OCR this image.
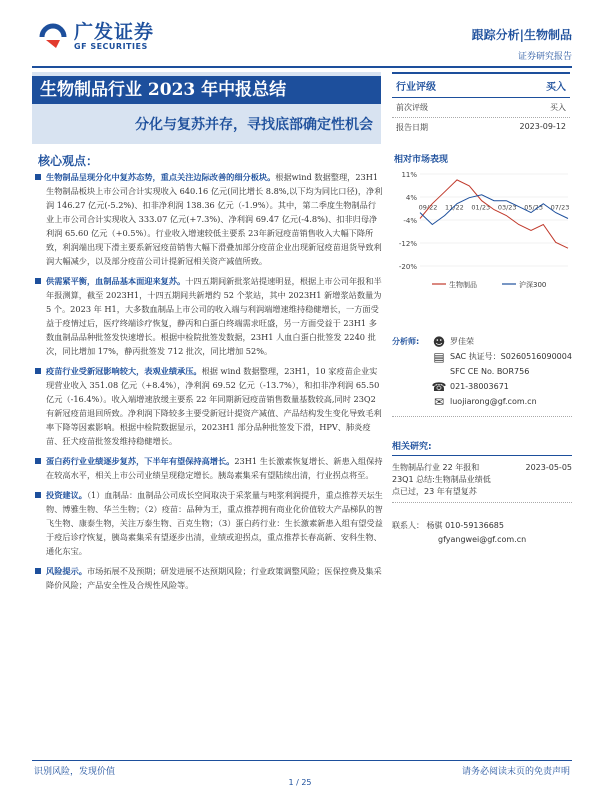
广发证券
GF SECURITIES
跟踪分析|生物制品
证券研究报告
生物制品行业 2023 年中报总结
分化与复苏并存，寻找底部确定性机会
行业评级	买入
前次评级	买入
报告日期	2023-09-12
相对市场表现
11%
4%
-4%
-12%
-20%
09/22 11/22 01/23 03/23 05/23 07/23
生物制品	沪深300
分析师:	☻ 罗佳荣
▤ SAC 执证号：S0260516090004
SFC CE No. BOR756
☎ 021-38003671
✉ luojiarong@gf.com.cn
相关研究:
生物制品行业 22 年报和	2023-05-05
23Q1 总结:生物制品业绩低
点已过，23 年有望复苏
联系人： 杨骐 010-59136685
gfyangwei@gf.com.cn
核心观点：
生物制品呈现分化中复苏态势，重点关注边际改善的细分板块。根据wind 数据整理，23H1 生物制品板块上市公司合计实现收入 640.16 亿元(同比增长 8.8%,以下均为同比口径)，净利润 146.27 亿元(-5.2%)、扣非净利润 138.36 亿元（-1.9%）。其中，第二季度生物制品行业上市公司合计实现收入 333.07 亿元(+7.3%)、净利润 69.47 亿元(-4.8%)、扣非归母净利润 65.60 亿元（+0.5%）。行业收入增速较低主要系 23年新冠疫苗销售收入大幅下降所致，利润端出现下滑主要系新冠疫苗销售大幅下滑叠加部分疫苗企业出现新冠疫苗退货导致利润大幅减少，以及部分疫苗公司计提新冠相关资产减值所致。
供需紧平衡，血制品基本面迎来复苏。十四五期间新批浆站提速明显，根据上市公司年报和半年报测算，截至 2023H1，十四五期间共新增约 52 个浆站，其中 2023H1 新增浆站数量为 5 个。2023 年 H1，大多数血制品上市公司的收入端与利润端增速维持稳健增长，一方面受益于疫情过后，医疗终端诊疗恢复，静丙和白蛋白终端需求旺盛，另一方面受益于 23H1 多数血制品品种批签发快速增长。根据中检院批签发数据，23H1 人血白蛋白批签发 2240 批次，同比增加 17%，静丙批签发 712 批次，同比增加 52%。
疫苗行业受新冠影响较大，表观业绩承压。根据 wind 数据整理，23H1，10 家疫苗企业实现营业收入 351.08 亿元（+8.4%），净利润 69.52 亿元（-13.7%），和扣非净利润 65.50 亿元（-16.4%）。收入端增速放缓主要系 22 年同期新冠疫苗销售数量基数较高,同时 23Q2 有新冠疫苗退回所致。净利润下降较多主要受新冠计提资产减值、产品结构发生变化导致毛利率下降等因素影响。根据中检院数据显示，2023H1 部分品种批签发下滑，HPV、肺炎疫苗、狂犬疫苗批签发维持稳健增长。
蛋白药行业业绩逐步复苏，下半年有望保持高增长。23H1 生长激素恢复增长、新患入组保持在较高水平，相关上市公司业绩呈现稳定增长。胰岛素集采有望陆续出清，行业拐点将至。
投资建议。（1）血制品：血制品公司成长空间取决于采浆量与吨浆利润提升，重点推荐天坛生物、博雅生物、华兰生物；（2）疫苗：品种为王，重点推荐拥有商业化价值较大产品梯队的智飞生物、康泰生物，关注万泰生物、百克生物；（3）蛋白药行业：生长激素新患入组有望受益于疫后诊疗恢复，胰岛素集采有望逐步出清，业绩或迎拐点，重点推荐长春高新、安科生物、通化东宝。
风险提示。市场拓展不及预期；研发进展不达预期风险；行业政策调整风险；医保控费及集采降价风险；产品安全性及合规性风险等。
识别风险，发现价值	请务必阅读末页的免责声明
1 / 25
